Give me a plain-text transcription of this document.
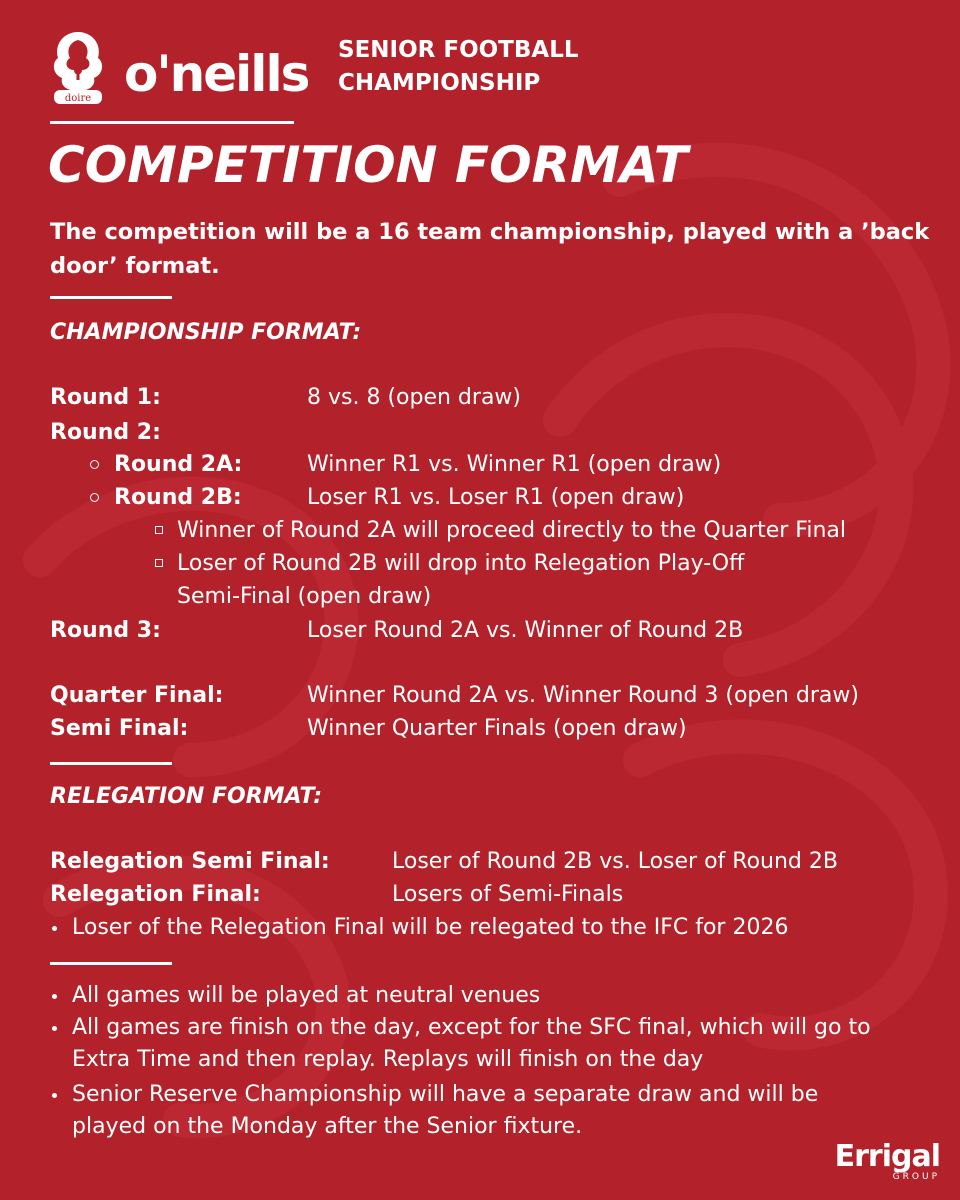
doire o'neills SENIOR FOOTBALL
CHAMPIONSHIP
COMPETITION FORMAT
The competition will be a 16 team championship, played with a ’back door’ format.
CHAMPIONSHIP FORMAT:
Round 1:	8 vs. 8 (open draw)
Round 2:
Round 2A:	Winner R1 vs. Winner R1 (open draw)
Round 2B:	Loser R1 vs. Loser R1 (open draw)
Winner of Round 2A will proceed directly to the Quarter Final
Loser of Round 2B will drop into Relegation Play-Off
Semi-Final (open draw)
Round 3:	Loser Round 2A vs. Winner of Round 2B
Quarter Final:	Winner Round 2A vs. Winner Round 3 (open draw)
Semi Final:	Winner Quarter Finals (open draw)
RELEGATION FORMAT:
Relegation Semi Final:	Loser of Round 2B vs. Loser of Round 2B
Relegation Final:	Losers of Semi-Finals
Loser of the Relegation Final will be relegated to the IFC for 2026
All games will be played at neutral venues
All games are finish on the day, except for the SFC final, which will go to
Extra Time and then replay. Replays will finish on the day
Senior Reserve Championship will have a separate draw and will be
played on the Monday after the Senior fixture.
Errigal
GROUP
